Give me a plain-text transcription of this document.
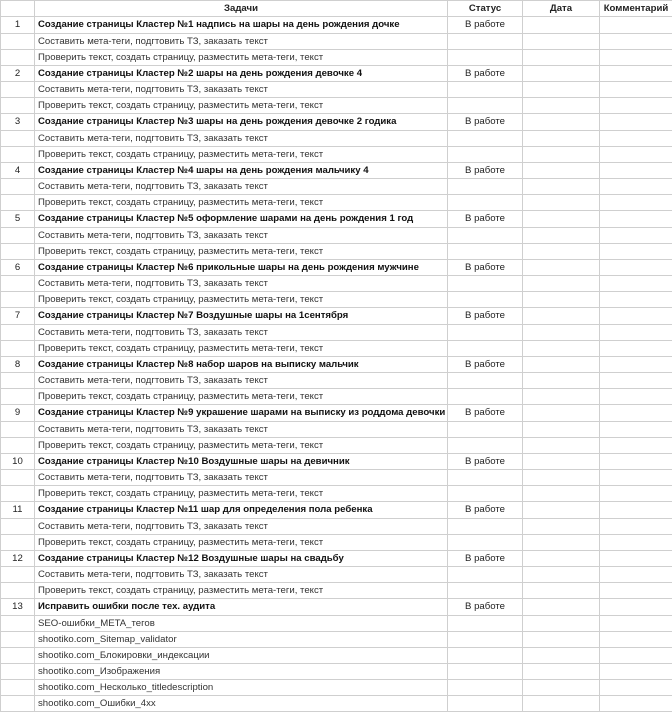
	Задачи	Статус	Дата	Комментарий
1	Создание страницы Кластер №1 надпись на шары на день рождения дочке	В работе		
	Составить мета-теги, подгтовить ТЗ, заказать текст			
	Проверить текст, создать страницу, разместить мета-теги, текст			
2	Создание страницы Кластер №2 шары на день рождения девочке 4	В работе		
	Составить мета-теги, подгтовить ТЗ, заказать текст			
	Проверить текст, создать страницу, разместить мета-теги, текст			
3	Создание страницы Кластер №3 шары на день рождения девочке 2 годика	В работе		
	Составить мета-теги, подгтовить ТЗ, заказать текст			
	Проверить текст, создать страницу, разместить мета-теги, текст			
4	Создание страницы Кластер №4 шары на день рождения мальчику 4	В работе		
	Составить мета-теги, подгтовить ТЗ, заказать текст			
	Проверить текст, создать страницу, разместить мета-теги, текст			
5	Создание страницы Кластер №5 оформление шарами на день рождения 1 год	В работе		
	Составить мета-теги, подгтовить ТЗ, заказать текст			
	Проверить текст, создать страницу, разместить мета-теги, текст			
6	Создание страницы Кластер №6 прикольные шары на день рождения мужчине	В работе		
	Составить мета-теги, подгтовить ТЗ, заказать текст			
	Проверить текст, создать страницу, разместить мета-теги, текст			
7	Создание страницы Кластер №7 Воздушные шары на 1сентября	В работе		
	Составить мета-теги, подгтовить ТЗ, заказать текст			
	Проверить текст, создать страницу, разместить мета-теги, текст			
8	Создание страницы Кластер №8 набор шаров на выписку мальчик	В работе		
	Составить мета-теги, подгтовить ТЗ, заказать текст			
	Проверить текст, создать страницу, разместить мета-теги, текст			
9	Создание страницы Кластер №9 украшение шарами на выписку из роддома девочки	В работе		
	Составить мета-теги, подгтовить ТЗ, заказать текст			
	Проверить текст, создать страницу, разместить мета-теги, текст			
10	Создание страницы Кластер №10 Воздушные шары на девичник	В работе		
	Составить мета-теги, подгтовить ТЗ, заказать текст			
	Проверить текст, создать страницу, разместить мета-теги, текст			
11	Создание страницы Кластер №11 шар для определения пола ребенка	В работе		
	Составить мета-теги, подгтовить ТЗ, заказать текст			
	Проверить текст, создать страницу, разместить мета-теги, текст			
12	Создание страницы Кластер №12 Воздушные шары на свадьбу	В работе		
	Составить мета-теги, подгтовить ТЗ, заказать текст			
	Проверить текст, создать страницу, разместить мета-теги, текст			
13	Исправить ошибки после тех. аудита	В работе		
	SEO-ошибки_META_тегов			
	shootiko.com_Sitemap_validator			
	shootiko.com_Блокировки_индексации			
	shootiko.com_Изображения			
	shootiko.com_Несколько_titledescription			
	shootiko.com_Ошибки_4xx			
